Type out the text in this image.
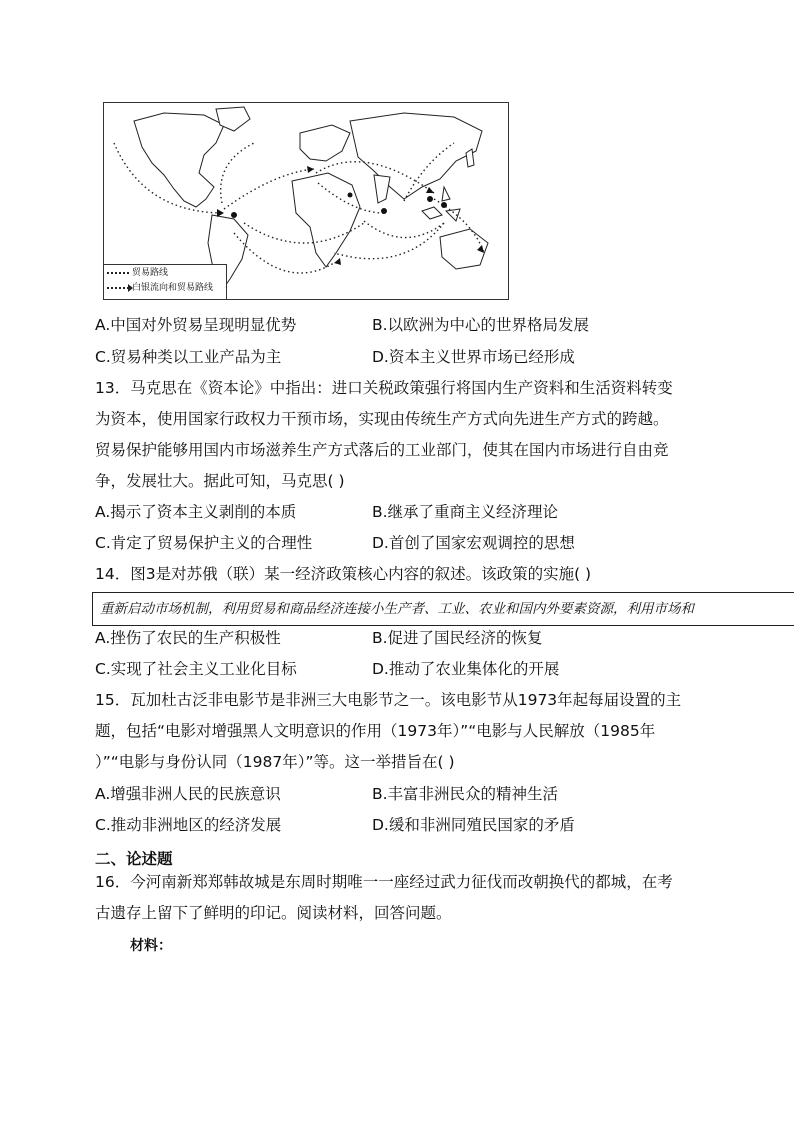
贸易路线
白银流向和贸易路线
A.中国对外贸易呈现明显优势	B.以欧洲为中心的世界格局发展
C.贸易种类以工业产品为主	D.资本主义世界市场已经形成
13．马克思在《资本论》中指出：进口关税政策强行将国内生产资料和生活资料转变
为资本，使用国家行政权力干预市场，实现由传统生产方式向先进生产方式的跨越。
贸易保护能够用国内市场滋养生产方式落后的工业部门，使其在国内市场进行自由竞
争，发展壮大。据此可知，马克思( )
A.揭示了资本主义剥削的本质	B.继承了重商主义经济理论
C.肯定了贸易保护主义的合理性	D.首创了国家宏观调控的思想
14．图3是对苏俄（联）某一经济政策核心内容的叙述。该政策的实施( )
重新启动市场机制，利用贸易和商品经济连接小生产者、工业、农业和国内外要素资源，利用市场和
A.挫伤了农民的生产积极性	B.促进了国民经济的恢复
C.实现了社会主义工业化目标	D.推动了农业集体化的开展
15．瓦加杜古泛非电影节是非洲三大电影节之一。该电影节从1973年起每届设置的主
题，包括“电影对增强黑人文明意识的作用（1973年）”“电影与人民解放（1985年
）”“电影与身份认同（1987年）”等。这一举措旨在( )
A.增强非洲人民的民族意识	B.丰富非洲民众的精神生活
C.推动非洲地区的经济发展	D.缓和非洲同殖民国家的矛盾
二、论述题
16．今河南新郑郑韩故城是东周时期唯一一座经过武力征伐而改朝换代的都城，在考
古遗存上留下了鲜明的印记。阅读材料，回答问题。
材料：
